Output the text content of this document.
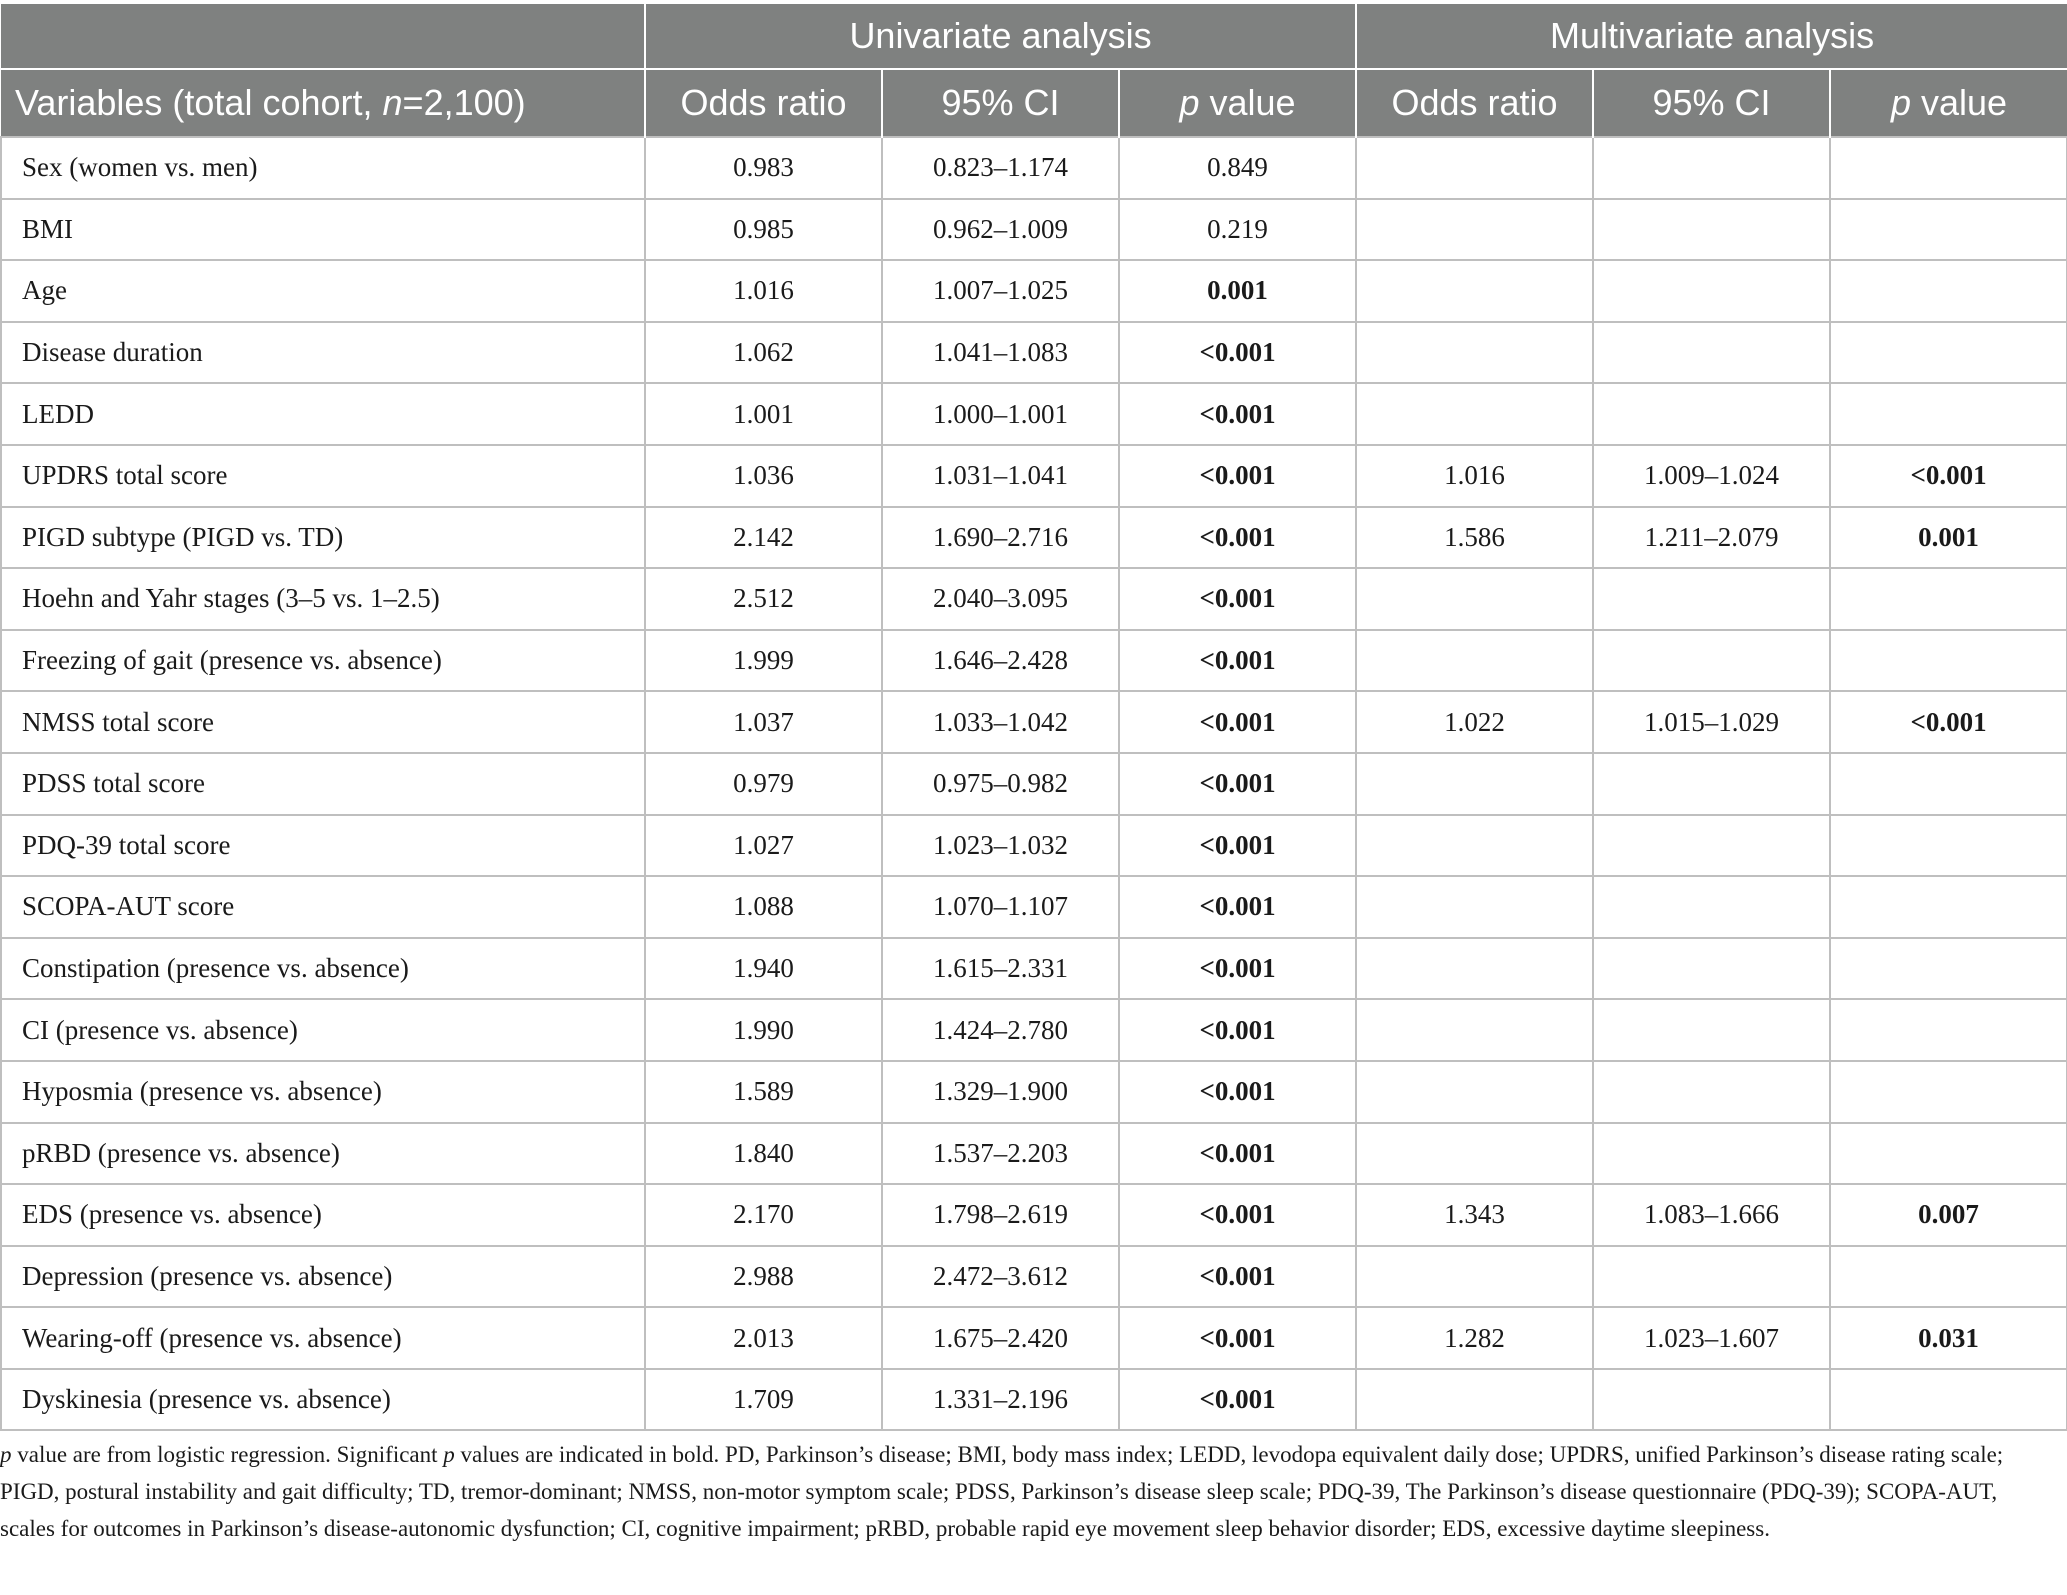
	Univariate analysis			Multivariate analysis		
Variables (total cohort, n=2,100)	Odds ratio	95% CI	p value	Odds ratio	95% CI	p value
Sex (women vs. men)	0.983	0.823–1.174	0.849			
BMI	0.985	0.962–1.009	0.219			
Age	1.016	1.007–1.025	0.001			
Disease duration	1.062	1.041–1.083	<0.001			
LEDD	1.001	1.000–1.001	<0.001			
UPDRS total score	1.036	1.031–1.041	<0.001	1.016	1.009–1.024	<0.001
PIGD subtype (PIGD vs. TD)	2.142	1.690–2.716	<0.001	1.586	1.211–2.079	0.001
Hoehn and Yahr stages (3–5 vs. 1–2.5)	2.512	2.040–3.095	<0.001			
Freezing of gait (presence vs. absence)	1.999	1.646–2.428	<0.001			
NMSS total score	1.037	1.033–1.042	<0.001	1.022	1.015–1.029	<0.001
PDSS total score	0.979	0.975–0.982	<0.001			
PDQ-39 total score	1.027	1.023–1.032	<0.001			
SCOPA-AUT score	1.088	1.070–1.107	<0.001			
Constipation (presence vs. absence)	1.940	1.615–2.331	<0.001			
CI (presence vs. absence)	1.990	1.424–2.780	<0.001			
Hyposmia (presence vs. absence)	1.589	1.329–1.900	<0.001			
pRBD (presence vs. absence)	1.840	1.537–2.203	<0.001			
EDS (presence vs. absence)	2.170	1.798–2.619	<0.001	1.343	1.083–1.666	0.007
Depression (presence vs. absence)	2.988	2.472–3.612	<0.001			
Wearing-off (presence vs. absence)	2.013	1.675–2.420	<0.001	1.282	1.023–1.607	0.031
Dyskinesia (presence vs. absence)	1.709	1.331–2.196	<0.001			
p value are from logistic regression. Significant p values are indicated in bold. PD, Parkinson’s disease; BMI, body mass index; LEDD, levodopa equivalent daily dose; UPDRS, unified Parkinson’s disease rating scale; PIGD, postural instability and gait difficulty; TD, tremor-dominant; NMSS, non-motor symptom scale; PDSS, Parkinson’s disease sleep scale; PDQ-39, The Parkinson’s disease questionnaire (PDQ-39); SCOPA-AUT, scales for outcomes in Parkinson’s disease-autonomic dysfunction; CI, cognitive impairment; pRBD, probable rapid eye movement sleep behavior disorder; EDS, excessive daytime sleepiness.
